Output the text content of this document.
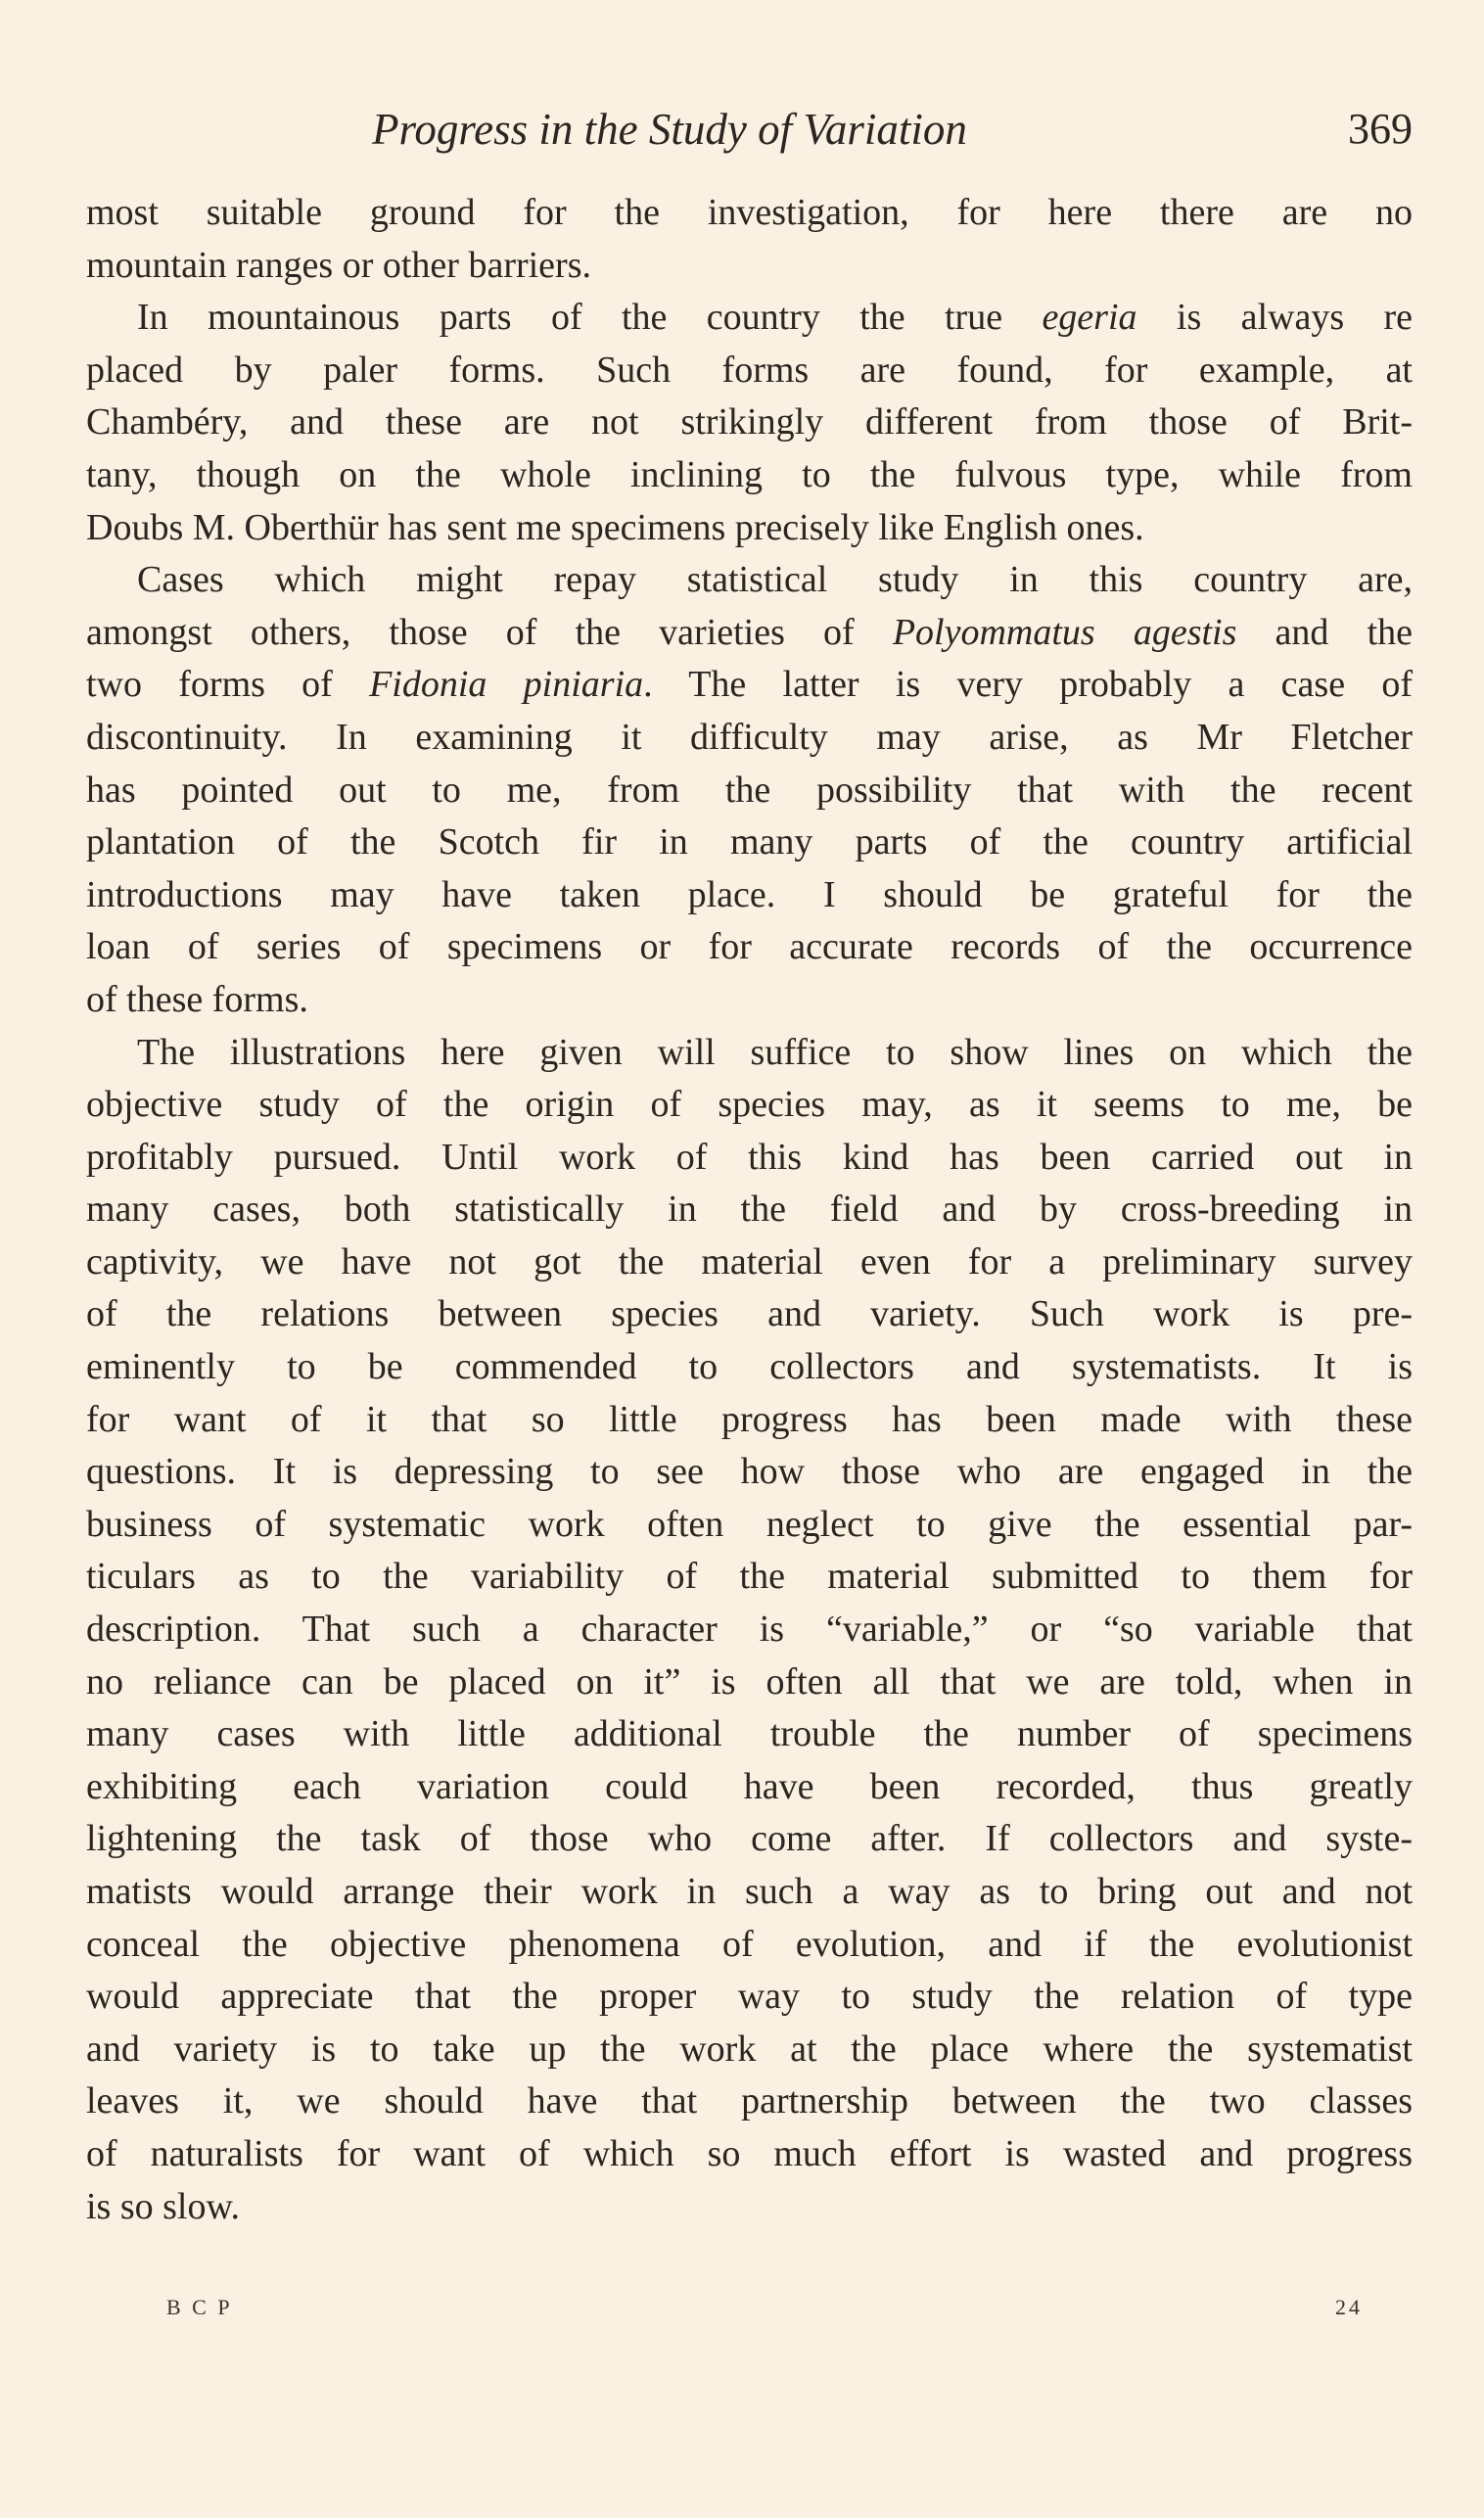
Progress in the Study of Variation	369
most suitable ground for the investigation, for here there are no
mountain ranges or other barriers.
In mountainous parts of the country the true egeria is always re
placed by paler forms. Such forms are found, for example, at
Chambéry, and these are not strikingly different from those of Brit-
tany, though on the whole inclining to the fulvous type, while from
Doubs M. Oberthür has sent me specimens precisely like English ones.
Cases which might repay statistical study in this country are,
amongst others, those of the varieties of Polyommatus agestis and the
two forms of Fidonia piniaria. The latter is very probably a case of
discontinuity. In examining it difficulty may arise, as Mr Fletcher
has pointed out to me, from the possibility that with the recent
plantation of the Scotch fir in many parts of the country artificial
introductions may have taken place. I should be grateful for the
loan of series of specimens or for accurate records of the occurrence
of these forms.
The illustrations here given will suffice to show lines on which the
objective study of the origin of species may, as it seems to me, be
profitably pursued. Until work of this kind has been carried out in
many cases, both statistically in the field and by cross-breeding in
captivity, we have not got the material even for a preliminary survey
of the relations between species and variety. Such work is pre-
eminently to be commended to collectors and systematists. It is
for want of it that so little progress has been made with these
questions. It is depressing to see how those who are engaged in the
business of systematic work often neglect to give the essential par-
ticulars as to the variability of the material submitted to them for
description. That such a character is “variable,” or “so variable that
no reliance can be placed on it” is often all that we are told, when in
many cases with little additional trouble the number of specimens
exhibiting each variation could have been recorded, thus greatly
lightening the task of those who come after. If collectors and syste-
matists would arrange their work in such a way as to bring out and not
conceal the objective phenomena of evolution, and if the evolutionist
would appreciate that the proper way to study the relation of type
and variety is to take up the work at the place where the systematist
leaves it, we should have that partnership between the two classes
of naturalists for want of which so much effort is wasted and progress
is so slow.
B C P	24
